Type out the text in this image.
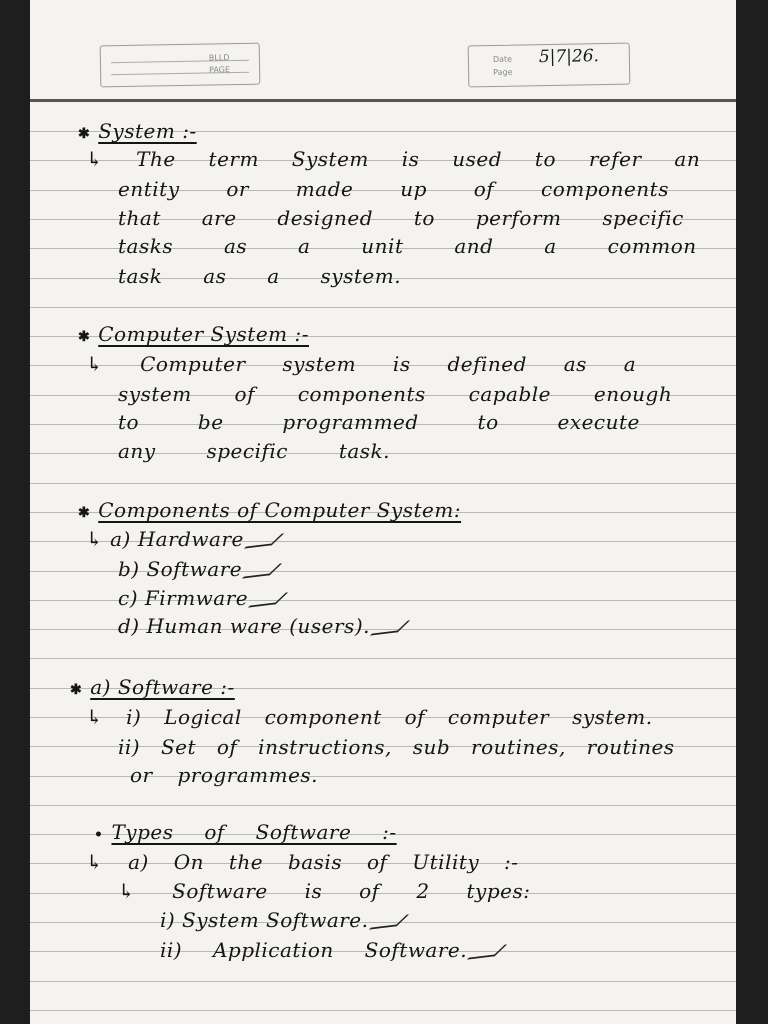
BLLD
PAGE
Date
Page
5|7|26.
✱ System :-
↳ The term System is used to refer an
entity or made up of components
that are designed to perform specific
tasks as a unit and a common
task as a system.
✱ Computer System :-
↳ Computer system is defined as a
system of components capable enough
to be programmed to execute
any specific task.
✱ Components of Computer System:
↳ a) Hardware
b) Software
c) Firmware
d) Human ware (users).
✱ a) Software :-
↳ i) Logical component of computer system.
ii) Set of instructions, sub routines, routines
or programmes.
• Types of Software :-
↳ a) On the basis of Utility :-
↳ Software is of 2 types:
i) System Software.
ii) Application Software.
